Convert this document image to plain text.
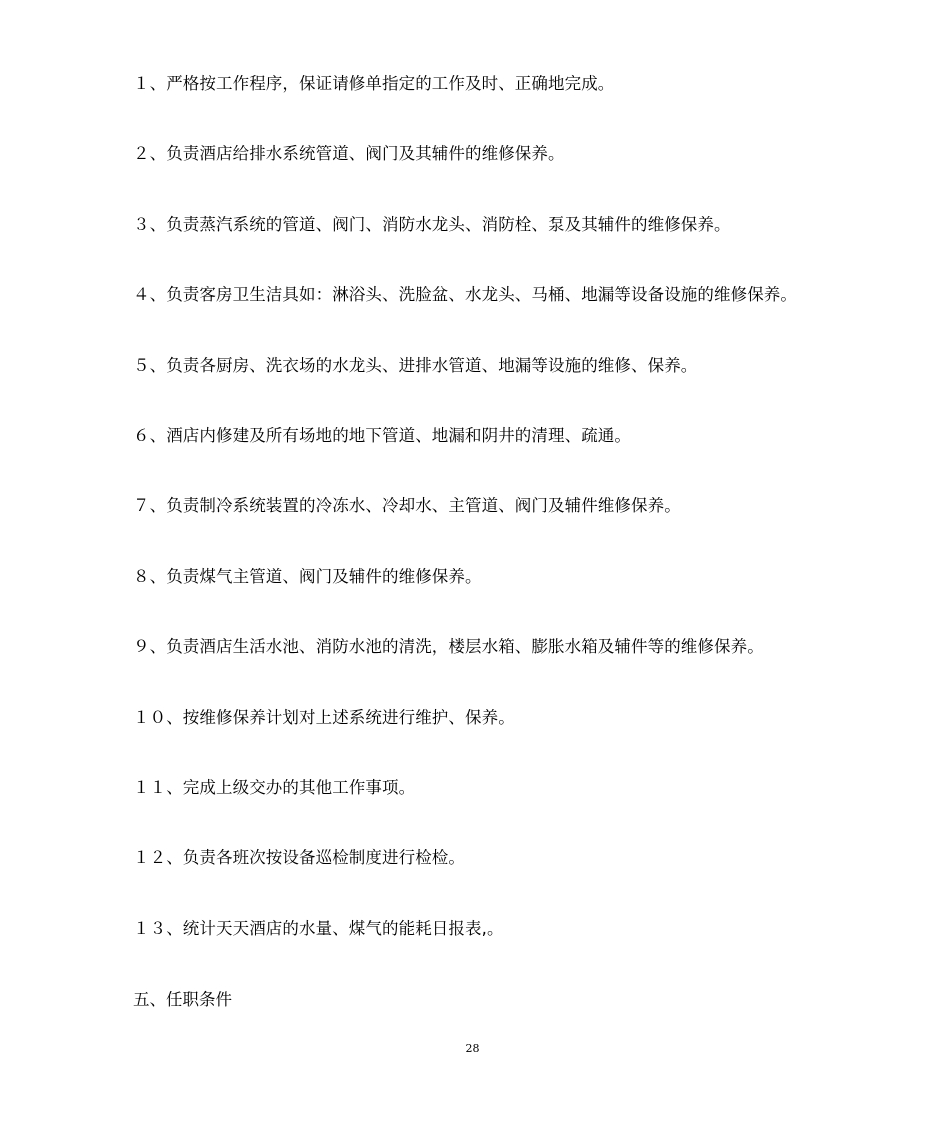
１、严格按工作程序，保证请修单指定的工作及时、正确地完成。
２、负责酒店给排水系统管道、阀门及其辅件的维修保养。
３、负责蒸汽系统的管道、阀门、消防水龙头、消防栓、泵及其辅件的维修保养。
４、负责客房卫生洁具如：淋浴头、洗脸盆、水龙头、马桶、地漏等设备设施的维修保养。
５、负责各厨房、洗衣场的水龙头、进排水管道、地漏等设施的维修、保养。
６、酒店内修建及所有场地的地下管道、地漏和阴井的清理、疏通。
７、负责制冷系统装置的冷冻水、冷却水、主管道、阀门及辅件维修保养。
８、负责煤气主管道、阀门及辅件的维修保养。
９、负责酒店生活水池、消防水池的清洗，楼层水箱、膨胀水箱及辅件等的维修保养。
１０、按维修保养计划对上述系统进行维护、保养。
１１、完成上级交办的其他工作事项。
１２、负责各班次按设备巡检制度进行检检。
１３、统计天天酒店的水量、煤气的能耗日报表,。
五、任职条件
28
